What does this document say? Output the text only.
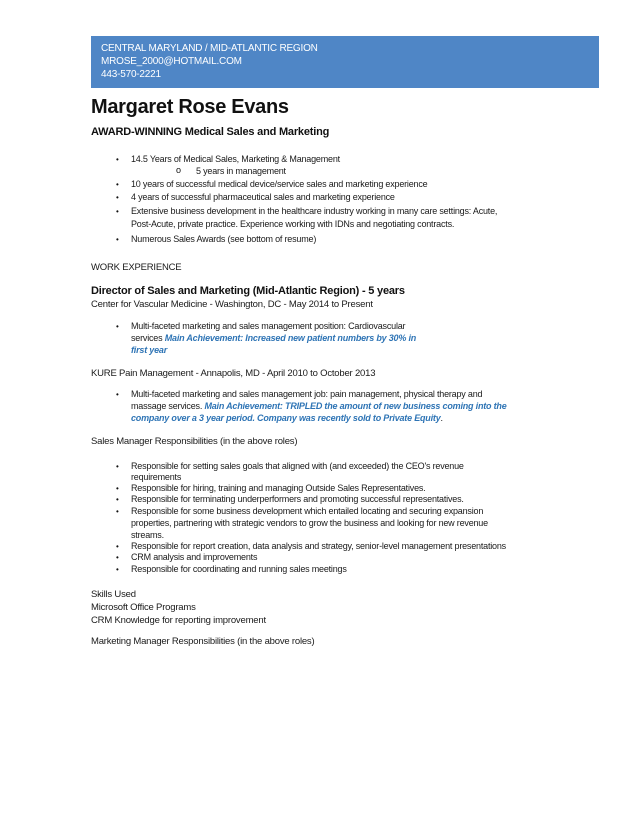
CENTRAL MARYLAND / MID-ATLANTIC REGION
MROSE_2000@HOTMAIL.COM
443-570-2221
Margaret Rose Evans
AWARD-WINNING Medical Sales and Marketing
• 14.5 Years of Medical Sales, Marketing & Management
o 5 years in management
• 10 years of successful medical device/service sales and marketing experience
• 4 years of successful pharmaceutical sales and marketing experience
• Extensive business development in the healthcare industry working in many care settings: Acute,
Post-Acute, private practice. Experience working with IDNs and negotiating contracts.
• Numerous Sales Awards (see bottom of resume)
WORK EXPERIENCE
Director of Sales and Marketing (Mid-Atlantic Region) - 5 years
Center for Vascular Medicine - Washington, DC - May 2014 to Present
• Multi-faceted marketing and sales management position: Cardiovascular
services Main Achievement: Increased new patient numbers by 30% in
first year
KURE Pain Management - Annapolis, MD - April 2010 to October 2013
• Multi-faceted marketing and sales management job: pain management, physical therapy and
massage services. Main Achievement: TRIPLED the amount of new business coming into the
company over a 3 year period. Company was recently sold to Private Equity.
Sales Manager Responsibilities (in the above roles)
• Responsible for setting sales goals that aligned with (and exceeded) the CEO's revenue
requirements
• Responsible for hiring, training and managing Outside Sales Representatives.
• Responsible for terminating underperformers and promoting successful representatives.
• Responsible for some business development which entailed locating and securing expansion
properties, partnering with strategic vendors to grow the business and looking for new revenue
streams.
• Responsible for report creation, data analysis and strategy, senior-level management presentations
• CRM analysis and improvements
• Responsible for coordinating and running sales meetings
Skills Used
Microsoft Office Programs
CRM Knowledge for reporting improvement
Marketing Manager Responsibilities (in the above roles)
